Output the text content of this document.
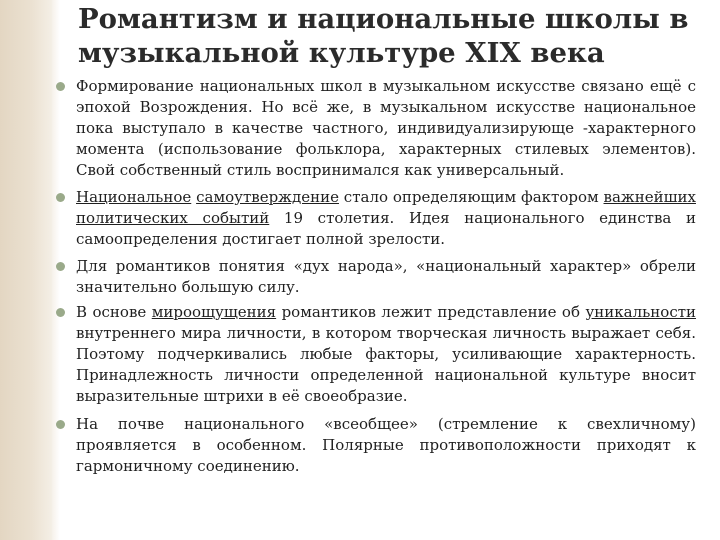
Романтизм и национальные школы в музыкальной культуре XIX века
Формирование национальных школ в музыкальном искусстве связано ещё с эпохой Возрождения. Но всё же, в музыкальном искусстве национальное пока выступало в качестве частного, индивидуализирующе -характерного момента (использование фольклора, характерных стилевых элементов). Свой собственный стиль воспринимался как универсальный.
Национальное самоутверждение стало определяющим фактором важнейших политических событий 19 столетия. Идея национального единства и самоопределения достигает полной зрелости.
Для романтиков понятия «дух народа», «национальный характер» обрели значительно большую силу.
В основе мироощущения романтиков лежит представление об уникальности внутреннего мира личности, в котором творческая личность выражает себя. Поэтому подчеркивались любые факторы, усиливающие характерность. Принадлежность личности определенной национальной культуре вносит выразительные штрихи в её своеобразие.
На почве национального «всеобщее» (стремление к свехличному) проявляется в особенном. Полярные противоположности приходят к гармоничному соединению.
